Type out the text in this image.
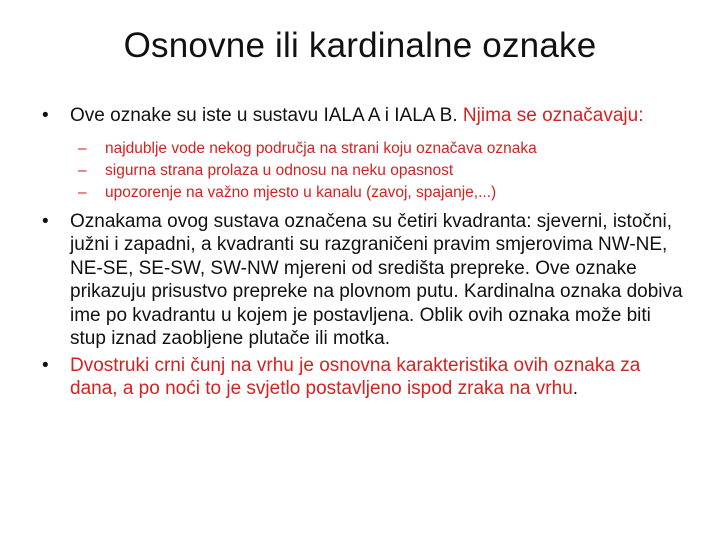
Osnovne ili kardinalne oznake
• Ove oznake su iste u sustavu IALA A i IALA B. Njima se označavaju:
– najdublje vode nekog područja na strani koju označava oznaka
– sigurna strana prolaza u odnosu na neku opasnost
– upozorenje na važno mjesto u kanalu (zavoj, spajanje,...)
• Oznakama ovog sustava označena su četiri kvadranta: sjeverni, istočni, južni i zapadni, a kvadranti su razgraničeni pravim smjerovima NW-NE, NE-SE, SE-SW, SW-NW mjereni od središta prepreke. Ove oznake prikazuju prisustvo prepreke na plovnom putu. Kardinalna oznaka dobiva ime po kvadrantu u kojem je postavljena. Oblik ovih oznaka može biti stup iznad zaobljene plutače ili motka.
• Dvostruki crni čunj na vrhu je osnovna karakteristika ovih oznaka za dana, a po noći to je svjetlo postavljeno ispod zraka na vrhu.
